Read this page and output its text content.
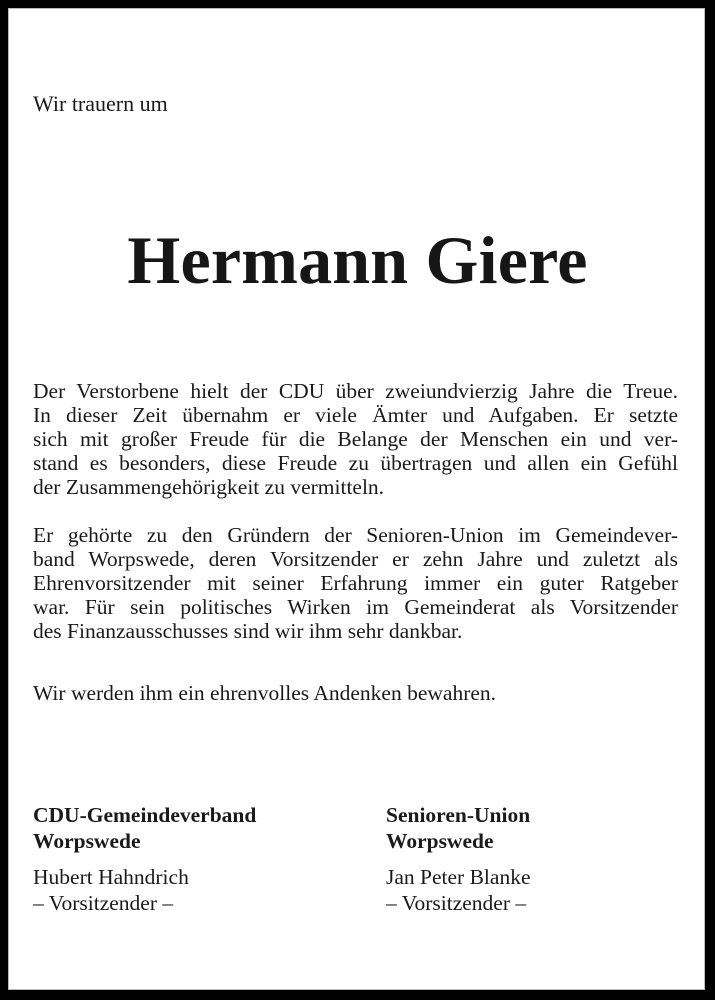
Wir trauern um
Hermann Giere
Der Verstorbene hielt der CDU über zweiundvierzig Jahre die Treue.
In dieser Zeit übernahm er viele Ämter und Aufgaben. Er setzte
sich mit großer Freude für die Belange der Menschen ein und ver-
stand es besonders, diese Freude zu übertragen und allen ein Gefühl
der Zusammengehörigkeit zu vermitteln.
Er gehörte zu den Gründern der Senioren-Union im Gemeindever-
band Worpswede, deren Vorsitzender er zehn Jahre und zuletzt als
Ehrenvorsitzender mit seiner Erfahrung immer ein guter Ratgeber
war. Für sein politisches Wirken im Gemeinderat als Vorsitzender
des Finanzausschusses sind wir ihm sehr dankbar.
Wir werden ihm ein ehrenvolles Andenken bewahren.
CDU-Gemeindeverband
Worpswede
Hubert Hahndrich
– Vorsitzender –
Senioren-Union
Worpswede
Jan Peter Blanke
– Vorsitzender –
